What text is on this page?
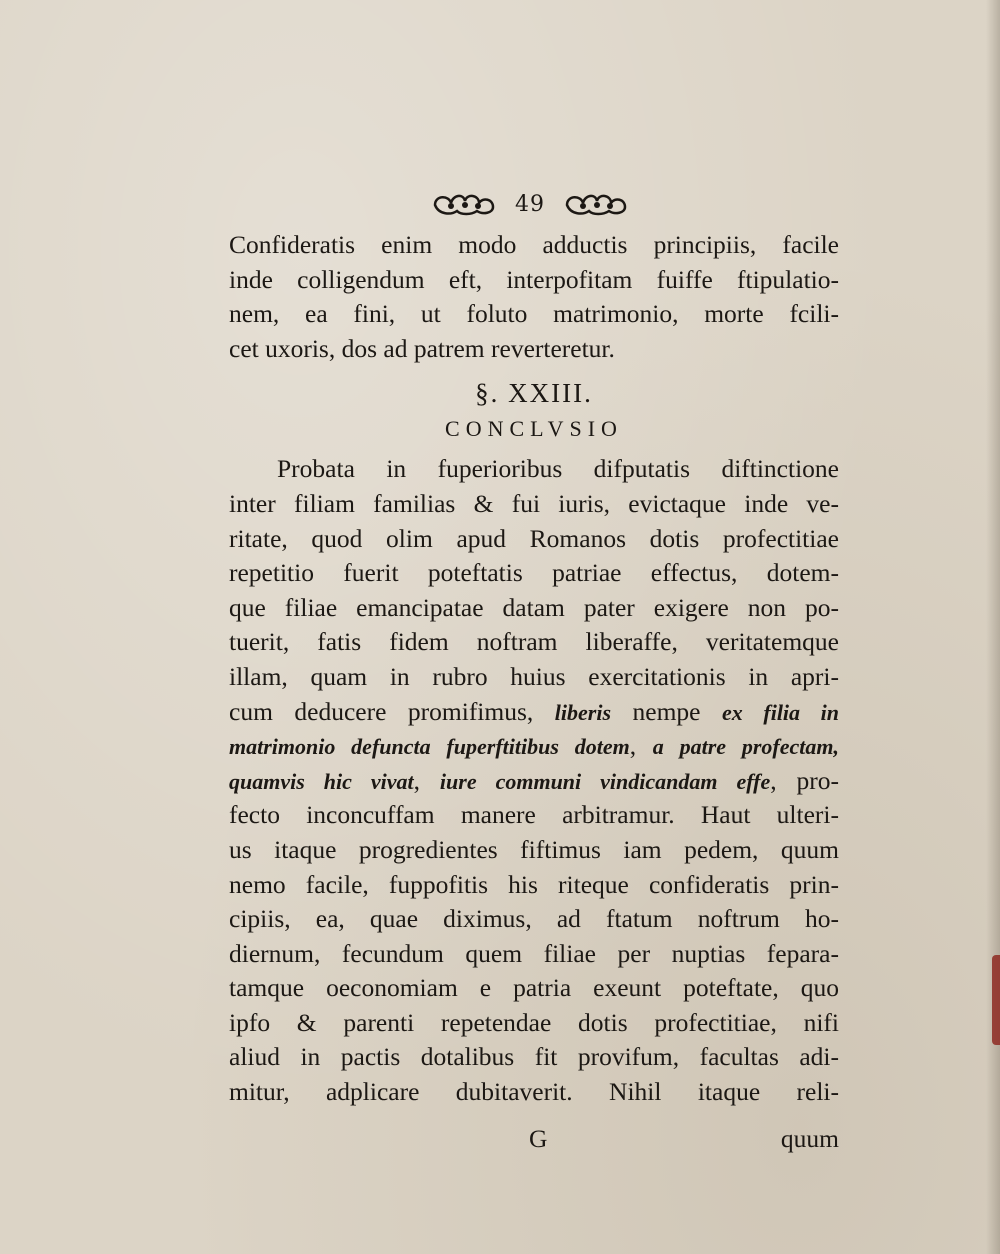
49
Confideratis enim modo adductis principiis, facile
inde colligendum eft, interpofitam fuiffe ftipulatio-
nem, ea fini, ut foluto matrimonio, morte fcili-
cet uxoris, dos ad patrem reverteretur.
§. XXIII.
CONCLVSIO
Probata in fuperioribus difputatis diftinctione
inter filiam familias & fui iuris, evictaque inde ve-
ritate, quod olim apud Romanos dotis profectitiae
repetitio fuerit poteftatis patriae effectus, dotem-
que filiae emancipatae datam pater exigere non po-
tuerit, fatis fidem noftram liberaffe, veritatemque
illam, quam in rubro huius exercitationis in apri-
cum deducere promifimus, liberis nempe ex filia in
matrimonio defuncta fuperftitibus dotem, a patre profectam,
quamvis hic vivat, iure communi vindicandam effe, pro-
fecto inconcuffam manere arbitramur. Haut ulteri-
us itaque progredientes fiftimus iam pedem, quum
nemo facile, fuppofitis his riteque confideratis prin-
cipiis, ea, quae diximus, ad ftatum noftrum ho-
diernum, fecundum quem filiae per nuptias fepara-
tamque oeconomiam e patria exeunt poteftate, quo
ipfo & parenti repetendae dotis profectitiae, nifi
aliud in pactis dotalibus fit provifum, facultas adi-
mitur, adplicare dubitaverit. Nihil itaque reli-
G	quum
